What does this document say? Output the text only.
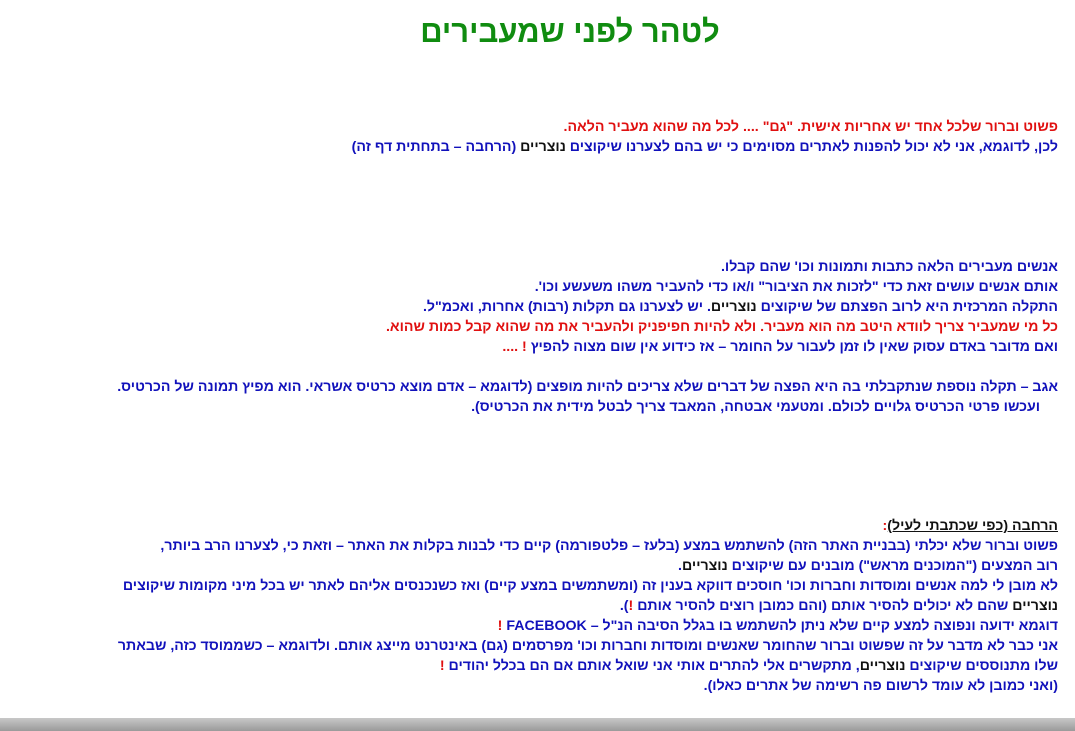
לטהר לפני שמעבירים
פשוט וברור שלכל אחד יש אחריות אישית. "גם" .... לכל מה שהוא מעביר הלאה.
לכן, לדוגמא, אני לא יכול להפנות לאתרים מסוימים כי יש בהם לצערנו שיקוצים נוצריים (הרחבה – בתחתית דף זה)
אנשים מעבירים הלאה כתבות ותמונות וכו' שהם קבלו.
אותם אנשים עושים זאת כדי "לזכות את הציבור" ו/או כדי להעביר משהו משעשע וכו'.
התקלה המרכזית היא לרוב הפצתם של שיקוצים נוצריים. יש לצערנו גם תקלות (רבות) אחרות, ואכמ"ל.
כל מי שמעביר צריך לוודא היטב מה הוא מעביר. ולא להיות חפיפניק ולהעביר את מה שהוא קבל כמות שהוא.
ואם מדובר באדם עסוק שאין לו זמן לעבור על החומר – אז כידוע אין שום מצוה להפיץ ! ....
אגב – תקלה נוספת שנתקבלתי בה היא הפצה של דברים שלא צריכים להיות מופצים (לדוגמא – אדם מוצא כרטיס אשראי. הוא מפיץ תמונה של הכרטיס.
ועכשו פרטי הכרטיס גלויים לכולם. ומטעמי אבטחה, המאבד צריך לבטל מידית את הכרטיס).
הרחבה (כפי שכתבתי לעיל):
פשוט וברור שלא יכלתי (בבניית האתר הזה) להשתמש במצע (בלעז – פלטפורמה) קיים כדי לבנות בקלות את האתר – וזאת כי, לצערנו הרב ביותר,
רוב המצעים ("המוכנים מראש") מובנים עם שיקוצים נוצריים.
לא מובן לי למה אנשים ומוסדות וחברות וכו' חוסכים דווקא בענין זה (ומשתמשים במצע קיים) ואז כשנכנסים אליהם לאתר יש בכל מיני מקומות שיקוצים
נוצריים שהם לא יכולים להסיר אותם (והם כמובן רוצים להסיר אותם !).
דוגמא ידועה ונפוצה למצע קיים שלא ניתן להשתמש בו בגלל הסיבה הנ"ל – FACEBOOK !
אני כבר לא מדבר על זה שפשוט וברור שהחומר שאנשים ומוסדות וחברות וכו' מפרסמים (גם) באינטרנט מייצג אותם. ולדוגמא – כשממוסד כזה, שבאתר
שלו מתנוססים שיקוצים נוצריים, מתקשרים אלי להתרים אותי אני שואל אותם אם הם בכלל יהודים !
(ואני כמובן לא עומד לרשום פה רשימה של אתרים כאלו).
